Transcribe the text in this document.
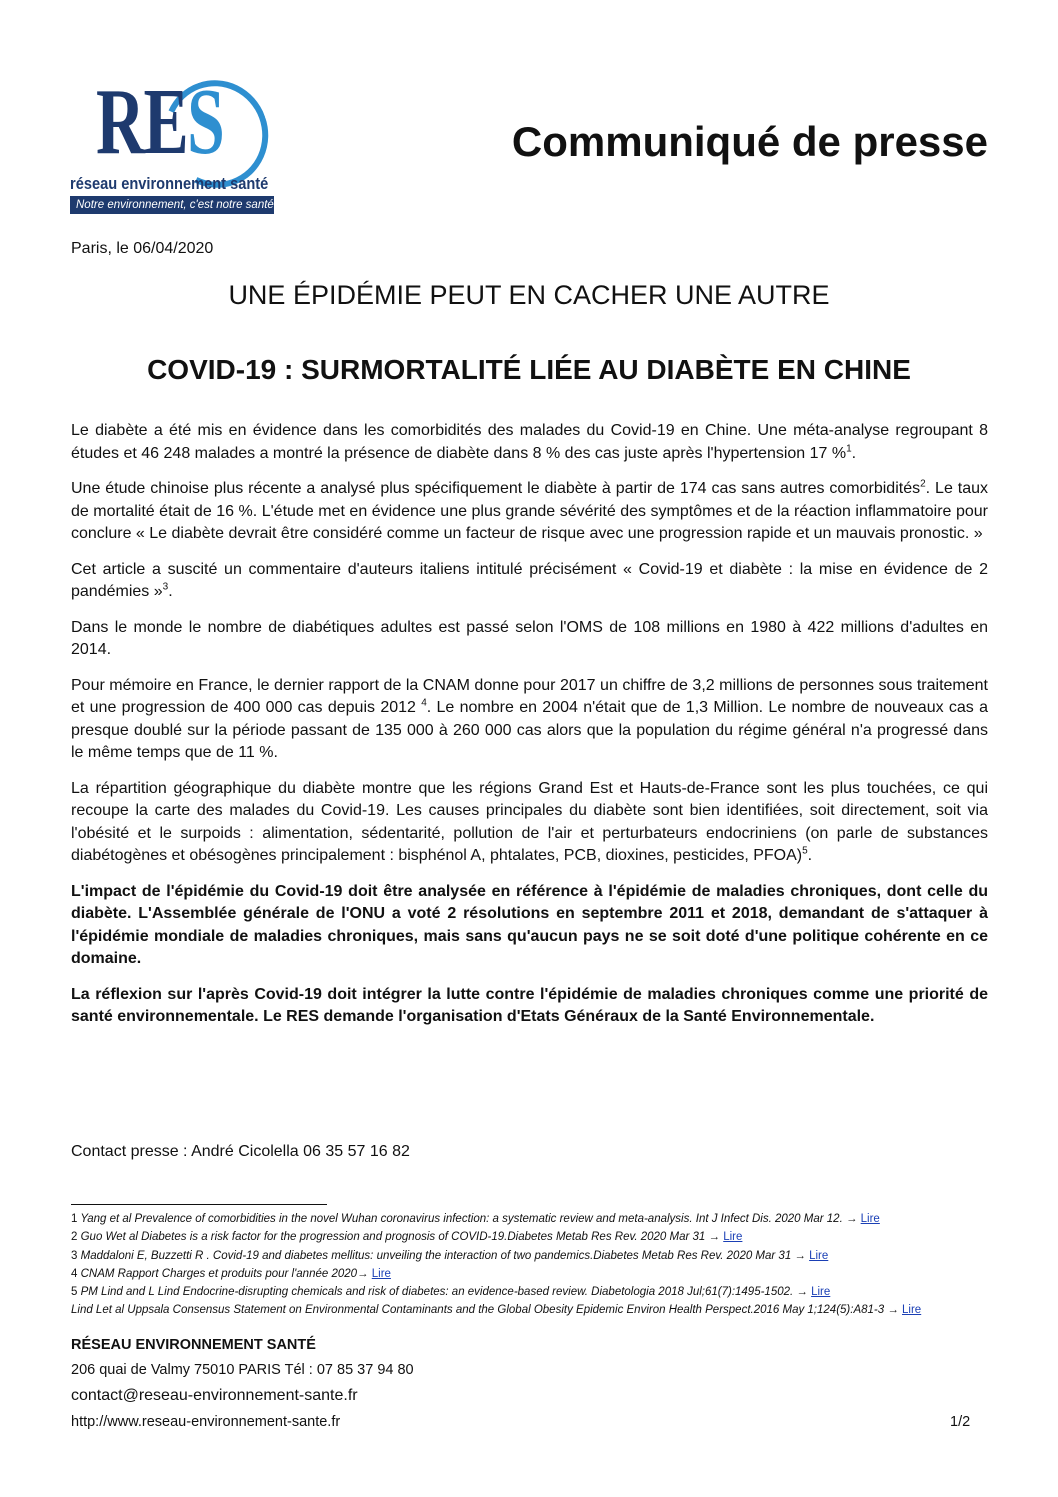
RES
réseau environnement santé
Notre environnement, c'est notre santé
Communiqué de presse
Paris, le 06/04/2020
UNE ÉPIDÉMIE PEUT EN CACHER UNE AUTRE
COVID-19 : SURMORTALITÉ LIÉE AU DIABÈTE EN CHINE

Le diabète a été mis en évidence dans les comorbidités des malades du Covid-19 en Chine. Une méta-analyse regroupant 8 études et 46 248 malades a montré la présence de diabète dans 8 % des cas juste après l'hypertension 17 %$^1$.

Une étude chinoise plus récente a analysé plus spécifiquement le diabète à partir de 174 cas sans autres comorbidités$^2$. Le taux de mortalité était de 16 %. L'étude met en évidence une plus grande sévérité des symptômes et de la réaction inflammatoire pour conclure « Le diabète devrait être considéré comme un facteur de risque avec une progression rapide et un mauvais pronostic. »

Cet article a suscité un commentaire d'auteurs italiens intitulé précisément « Covid-19 et diabète : la mise en évidence de 2 pandémies »$^3$.

Dans le monde le nombre de diabétiques adultes est passé selon l'OMS de 108 millions en 1980 à 422 millions d'adultes en 2014.

Pour mémoire en France, le dernier rapport de la CNAM donne pour 2017 un chiffre de 3,2 millions de personnes sous traitement et une progression de 400 000 cas depuis 2012 $^4$. Le nombre en 2004 n'était que de 1,3 Million. Le nombre de nouveaux cas a presque doublé sur la période passant de 135 000 à 260 000 cas alors que la population du régime général n'a progressé dans le même temps que de 11 %.

La répartition géographique du diabète montre que les régions Grand Est et Hauts-de-France sont les plus touchées, ce qui recoupe la carte des malades du Covid-19. Les causes principales du diabète sont bien identifiées, soit directement, soit via l'obésité et le surpoids : alimentation, sédentarité, pollution de l'air et perturbateurs endocriniens (on parle de substances diabétogènes et obésogènes principalement : bisphénol A, phtalates, PCB, dioxines, pesticides, PFOA)$^5$.

L'impact de l'épidémie du Covid-19 doit être analysée en référence à l'épidémie de maladies chroniques, dont celle du diabète. L'Assemblée générale de l'ONU a voté 2 résolutions en septembre 2011 et 2018, demandant de s'attaquer à l'épidémie mondiale de maladies chroniques, mais sans qu'aucun pays ne se soit doté d'une politique cohérente en ce domaine.

La réflexion sur l'après Covid-19 doit intégrer la lutte contre l'épidémie de maladies chroniques comme une priorité de santé environnementale. Le RES demande l'organisation d'Etats Généraux de la Santé Environnementale.

Contact presse : André Cicolella 06 35 57 16 82
1 Yang et al Prevalence of comorbidities in the novel Wuhan coronavirus infection: a systematic review and meta-analysis. Int J Infect Dis. 2020 Mar 12. → Lire
2 Guo Wet al Diabetes is a risk factor for the progression and prognosis of COVID-19.Diabetes Metab Res Rev. 2020 Mar 31 → Lire
3 Maddaloni E, Buzzetti R . Covid-19 and diabetes mellitus: unveiling the interaction of two pandemics.Diabetes Metab Res Rev. 2020 Mar 31 → Lire
4 CNAM Rapport Charges et produits pour l'année 2020→ Lire
5 PM Lind and L Lind Endocrine-disrupting chemicals and risk of diabetes: an evidence-based review. Diabetologia 2018 Jul;61(7):1495-1502. → Lire
Lind Let al Uppsala Consensus Statement on Environmental Contaminants and the Global Obesity Epidemic Environ Health Perspect.2016 May 1;124(5):A81-3 → Lire
RÉSEAU ENVIRONNEMENT SANTÉ
206 quai de Valmy 75010 PARIS Tél : 07 85 37 94 80
contact@reseau-environnement-sante.fr
http://www.reseau-environnement-sante.fr	1/2
